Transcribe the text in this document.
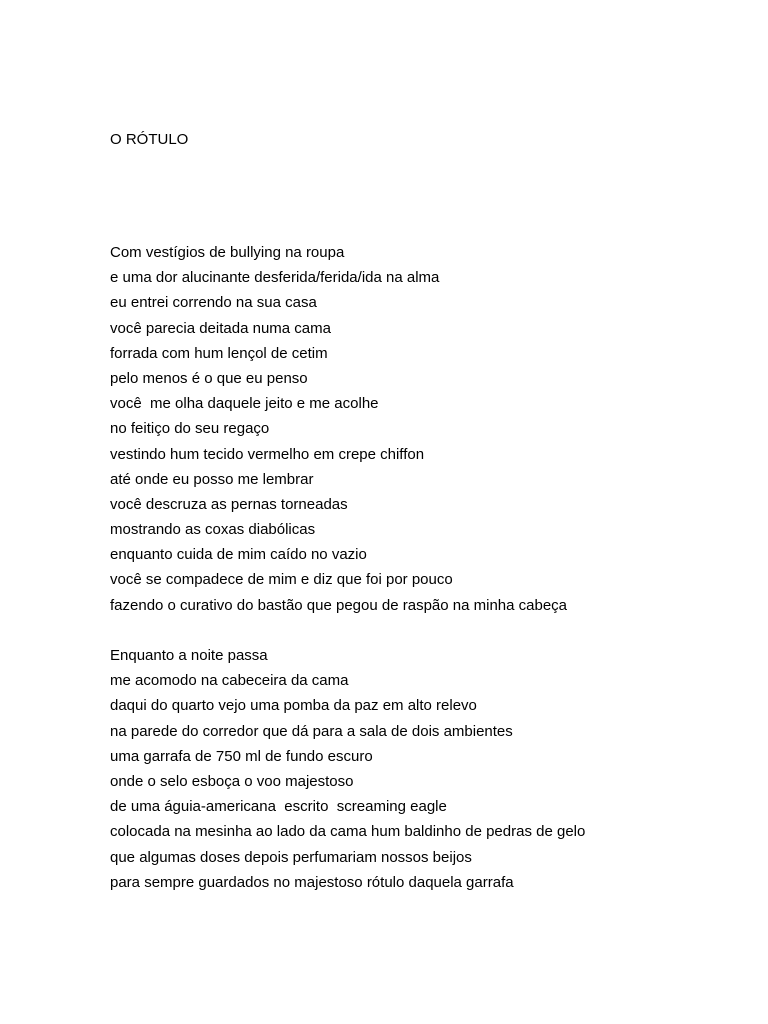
O RÓTULO
Com vestígios de bullying na roupa
e uma dor alucinante desferida/ferida/ida na alma
eu entrei correndo na sua casa
você parecia deitada numa cama
forrada com hum lençol de cetim
pelo menos é o que eu penso
você  me olha daquele jeito e me acolhe
no feitiço do seu regaço
vestindo hum tecido vermelho em crepe chiffon
até onde eu posso me lembrar
você descruza as pernas torneadas
mostrando as coxas diabólicas
enquanto cuida de mim caído no vazio
você se compadece de mim e diz que foi por pouco
fazendo o curativo do bastão que pegou de raspão na minha cabeça
Enquanto a noite passa
me acomodo na cabeceira da cama
daqui do quarto vejo uma pomba da paz em alto relevo
na parede do corredor que dá para a sala de dois ambientes
uma garrafa de 750 ml de fundo escuro
onde o selo esboça o voo majestoso
de uma águia-americana  escrito  screaming eagle
colocada na mesinha ao lado da cama hum baldinho de pedras de gelo
que algumas doses depois perfumariam nossos beijos
para sempre guardados no majestoso rótulo daquela garrafa
